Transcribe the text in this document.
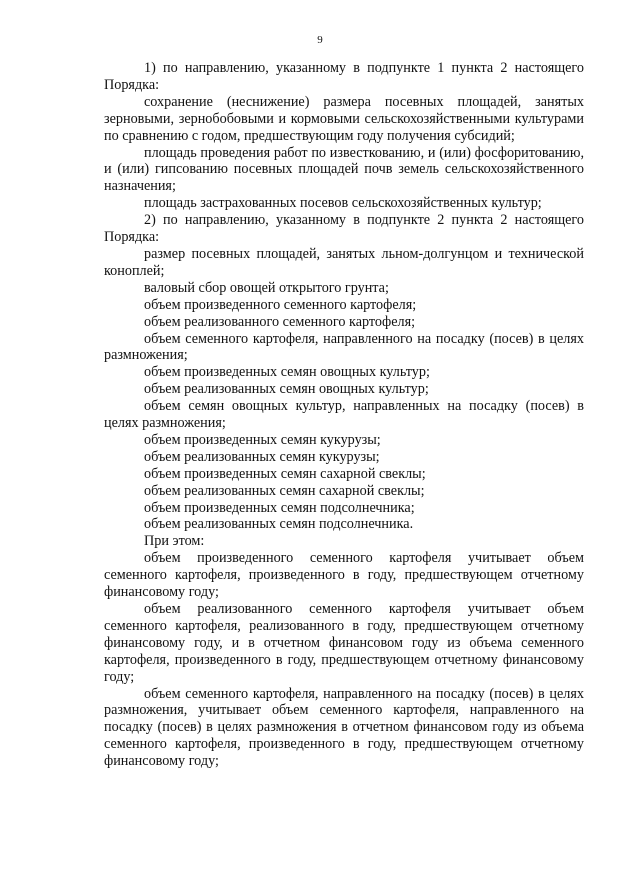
9

1) по направлению, указанному в подпункте 1 пункта 2 настоящего Порядка:

сохранение (неснижение) размера посевных площадей, занятых зерновыми, зернобобовыми и кормовыми сельскохозяйственными культурами по сравнению с годом, предшествующим году получения субсидий;

площадь проведения работ по известкованию, и (или) фосфоритованию, и (или) гипсованию посевных площадей почв земель сельскохозяйственного назначения;

площадь застрахованных посевов сельскохозяйственных культур;

2) по направлению, указанному в подпункте 2 пункта 2 настоящего Порядка:

размер посевных площадей, занятых льном-долгунцом и технической коноплей;

валовый сбор овощей открытого грунта;

объем произведенного семенного картофеля;

объем реализованного семенного картофеля;

объем семенного картофеля, направленного на посадку (посев) в целях размножения;

объем произведенных семян овощных культур;

объем реализованных семян овощных культур;

объем семян овощных культур, направленных на посадку (посев) в целях размножения;

объем произведенных семян кукурузы;

объем реализованных семян кукурузы;

объем произведенных семян сахарной свеклы;

объем реализованных семян сахарной свеклы;

объем произведенных семян подсолнечника;

объем реализованных семян подсолнечника.

При этом:

объем произведенного семенного картофеля учитывает объем семенного картофеля, произведенного в году, предшествующем отчетному финансовому году;

объем реализованного семенного картофеля учитывает объем семенного картофеля, реализованного в году, предшествующем отчетному финансовому году, и в отчетном финансовом году из объема семенного картофеля, произведенного в году, предшествующем отчетному финансовому году;

объем семенного картофеля, направленного на посадку (посев) в целях размножения, учитывает объем семенного картофеля, направленного на посадку (посев) в целях размножения в отчетном финансовом году из объема семенного картофеля, произведенного в году, предшествующем отчетному финансовому году;
